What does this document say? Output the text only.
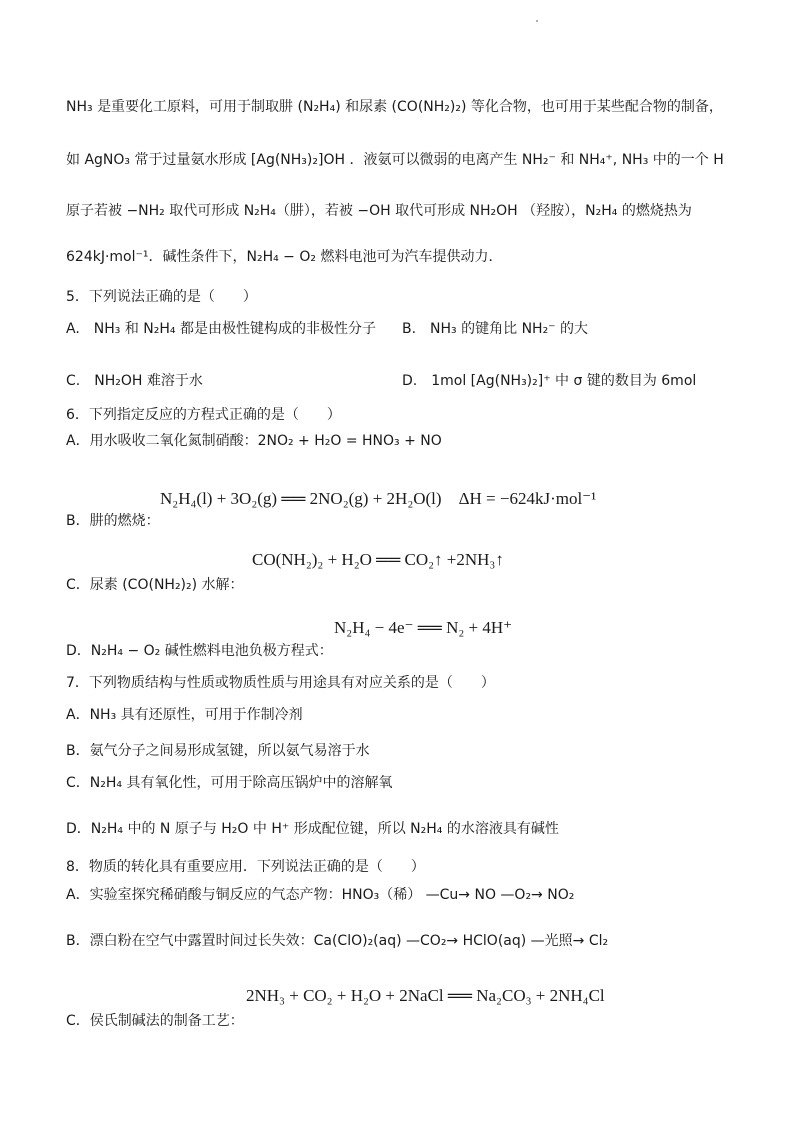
NH₃ 是重要化工原料，可用于制取肼 (N₂H₄) 和尿素 (CO(NH₂)₂) 等化合物，也可用于某些配合物的制备，
如 AgNO₃ 常于过量氨水形成 [Ag(NH₃)₂]OH ．液氨可以微弱的电离产生 NH₂⁻ 和 NH₄⁺, NH₃ 中的一个 H
原子若被 −NH₂ 取代可形成 N₂H₄（肼），若被 −OH 取代可形成 NH₂OH （羟胺），N₂H₄ 的燃烧热为
624kJ·mol⁻¹．碱性条件下，N₂H₄ − O₂ 燃料电池可为汽车提供动力．
5．下列说法正确的是（　　）
A.　NH₃ 和 N₂H₄ 都是由极性键构成的非极性分子 B.　NH₃ 的键角比 NH₂⁻ 的大
C.　NH₂OH 难溶于水	D.　1mol [Ag(NH₃)₂]⁺ 中 σ 键的数目为 6mol
6．下列指定反应的方程式正确的是（　　）
A．用水吸收二氧化氮制硝酸：2NO₂ + H₂O = HNO₃ + NO
N₂H₄(l) + 3O₂(g) ══ 2NO₂(g) + 2H₂O(l)　ΔH = −624kJ·mol⁻¹
B．肼的燃烧：
CO(NH₂)₂ + H₂O ══ CO₂↑ +2NH₃↑
C．尿素 (CO(NH₂)₂) 水解：
N₂H₄ − 4e⁻ ══ N₂ + 4H⁺
D．N₂H₄ − O₂ 碱性燃料电池负极方程式：
7．下列物质结构与性质或物质性质与用途具有对应关系的是（　　）
A．NH₃ 具有还原性，可用于作制冷剂
B．氨气分子之间易形成氢键，所以氨气易溶于水
C．N₂H₄ 具有氧化性，可用于除高压锅炉中的溶解氧
D．N₂H₄ 中的 N 原子与 H₂O 中 H⁺ 形成配位键，所以 N₂H₄ 的水溶液具有碱性
8．物质的转化具有重要应用．下列说法正确的是（　　）
A．实验室探究稀硝酸与铜反应的气态产物：HNO₃（稀） —Cu→ NO —O₂→ NO₂
B．漂白粉在空气中露置时间过长失效：Ca(ClO)₂(aq) —CO₂→ HClO(aq) —光照→ Cl₂
2NH₃ + CO₂ + H₂O + 2NaCl ══ Na₂CO₃ + 2NH₄Cl
C．侯氏制碱法的制备工艺：
